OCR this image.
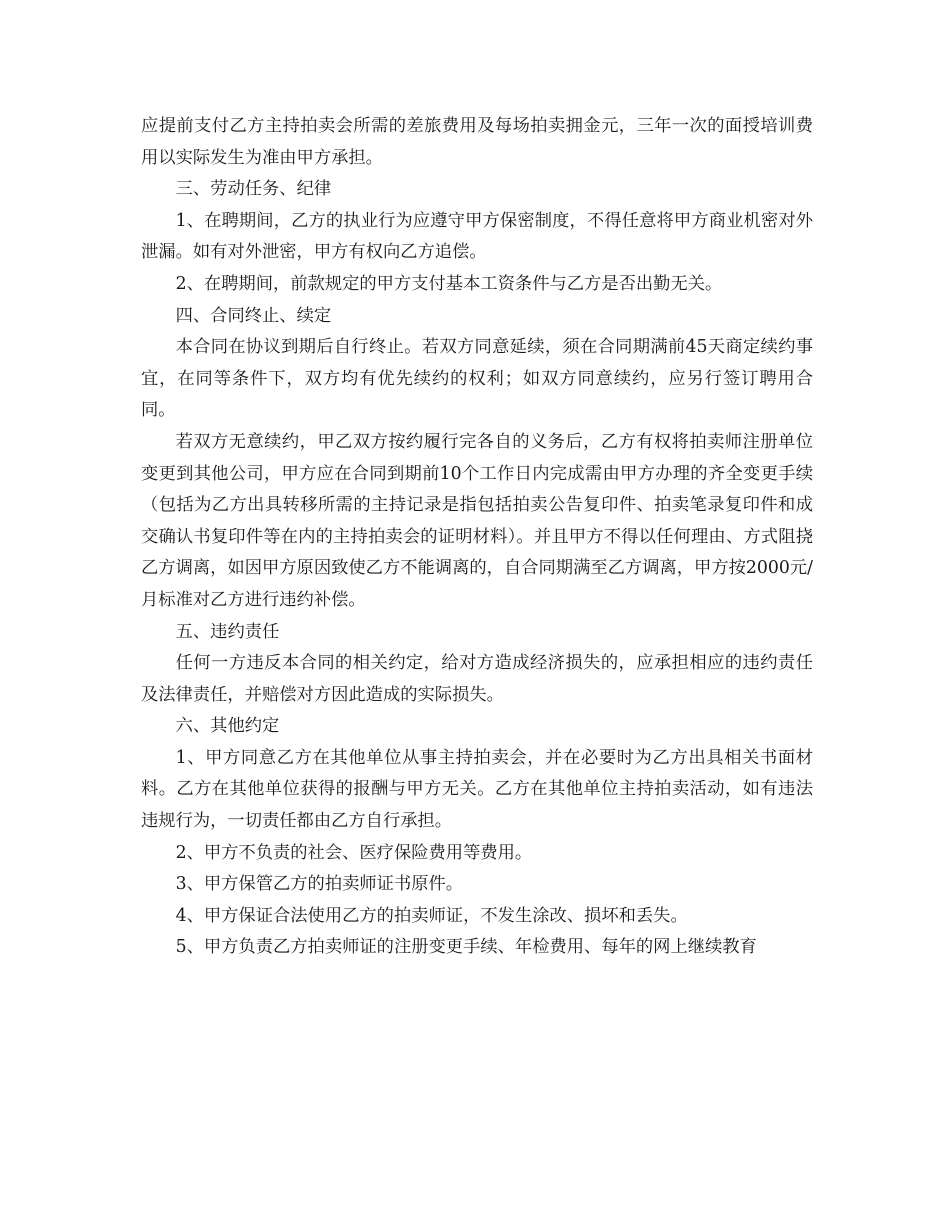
应提前支付乙方主持拍卖会所需的差旅费用及每场拍卖拥金元，三年一次的面授培训费用以实际发生为准由甲方承担。

三、劳动任务、纪律

1、在聘期间，乙方的执业行为应遵守甲方保密制度，不得任意将甲方商业机密对外泄漏。如有对外泄密，甲方有权向乙方追偿。

2、在聘期间，前款规定的甲方支付基本工资条件与乙方是否出勤无关。

四、合同终止、续定

本合同在协议到期后自行终止。若双方同意延续，须在合同期满前45天商定续约事宜，在同等条件下，双方均有优先续约的权利；如双方同意续约，应另行签订聘用合同。

若双方无意续约，甲乙双方按约履行完各自的义务后，乙方有权将拍卖师注册单位变更到其他公司，甲方应在合同到期前10个工作日内完成需由甲方办理的齐全变更手续（包括为乙方出具转移所需的主持记录是指包括拍卖公告复印件、拍卖笔录复印件和成交确认书复印件等在内的主持拍卖会的证明材料）。并且甲方不得以任何理由、方式阻挠乙方调离，如因甲方原因致使乙方不能调离的，自合同期满至乙方调离，甲方按2000元/月标准对乙方进行违约补偿。

五、违约责任

任何一方违反本合同的相关约定，给对方造成经济损失的，应承担相应的违约责任及法律责任，并赔偿对方因此造成的实际损失。

六、其他约定

1、甲方同意乙方在其他单位从事主持拍卖会，并在必要时为乙方出具相关书面材料。乙方在其他单位获得的报酬与甲方无关。乙方在其他单位主持拍卖活动，如有违法违规行为，一切责任都由乙方自行承担。

2、甲方不负责的社会、医疗保险费用等费用。

3、甲方保管乙方的拍卖师证书原件。

4、甲方保证合法使用乙方的拍卖师证，不发生涂改、损坏和丢失。

5、甲方负责乙方拍卖师证的注册变更手续、年检费用、每年的网上继续教育
